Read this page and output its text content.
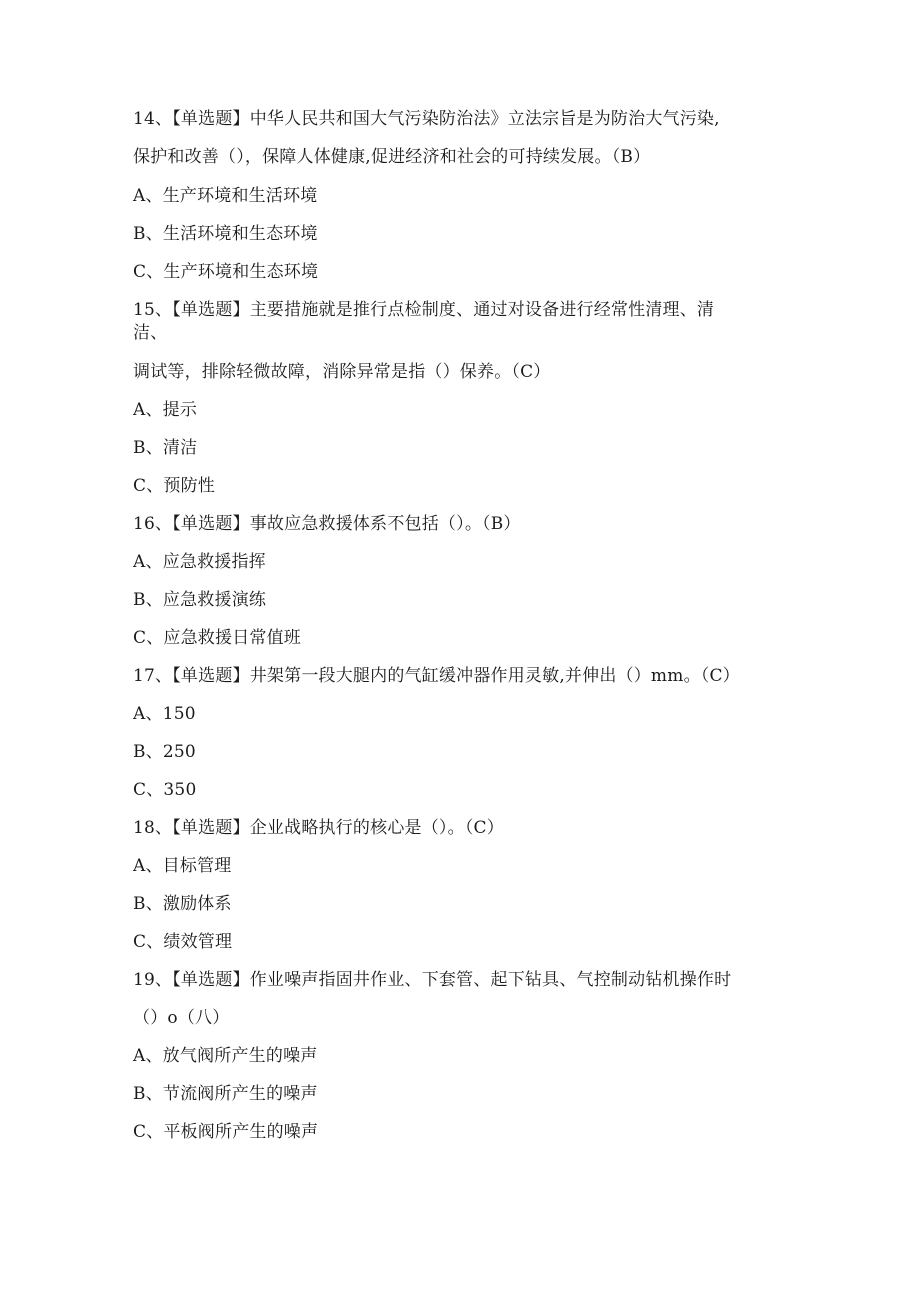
14、【单选题】中华人民共和国大气污染防治法》立法宗旨是为防治大气污染,
保护和改善（），保障人体健康,促进经济和社会的可持续发展。（B）
A、生产环境和生活环境
B、生活环境和生态环境
C、生产环境和生态环境
15、【单选题】主要措施就是推行点检制度、通过对设备进行经常性清理、清
洁、
调试等，排除轻微故障，消除异常是指（）保养。（C）
A、提示
B、清洁
C、预防性
16、【单选题】事故应急救援体系不包括（）。（B）
A、应急救援指挥
B、应急救援演练
C、应急救援日常值班
17、【单选题】井架第一段大腿内的气缸缓冲器作用灵敏,并伸出（）mm。（C）
A、150
B、250
C、350
18、【单选题】企业战略执行的核心是（）。（C）
A、目标管理
B、激励体系
C、绩效管理
19、【单选题】作业噪声指固井作业、下套管、起下钻具、气控制动钻机操作时
（）o（八）
A、放气阀所产生的噪声
B、节流阀所产生的噪声
C、平板阀所产生的噪声
